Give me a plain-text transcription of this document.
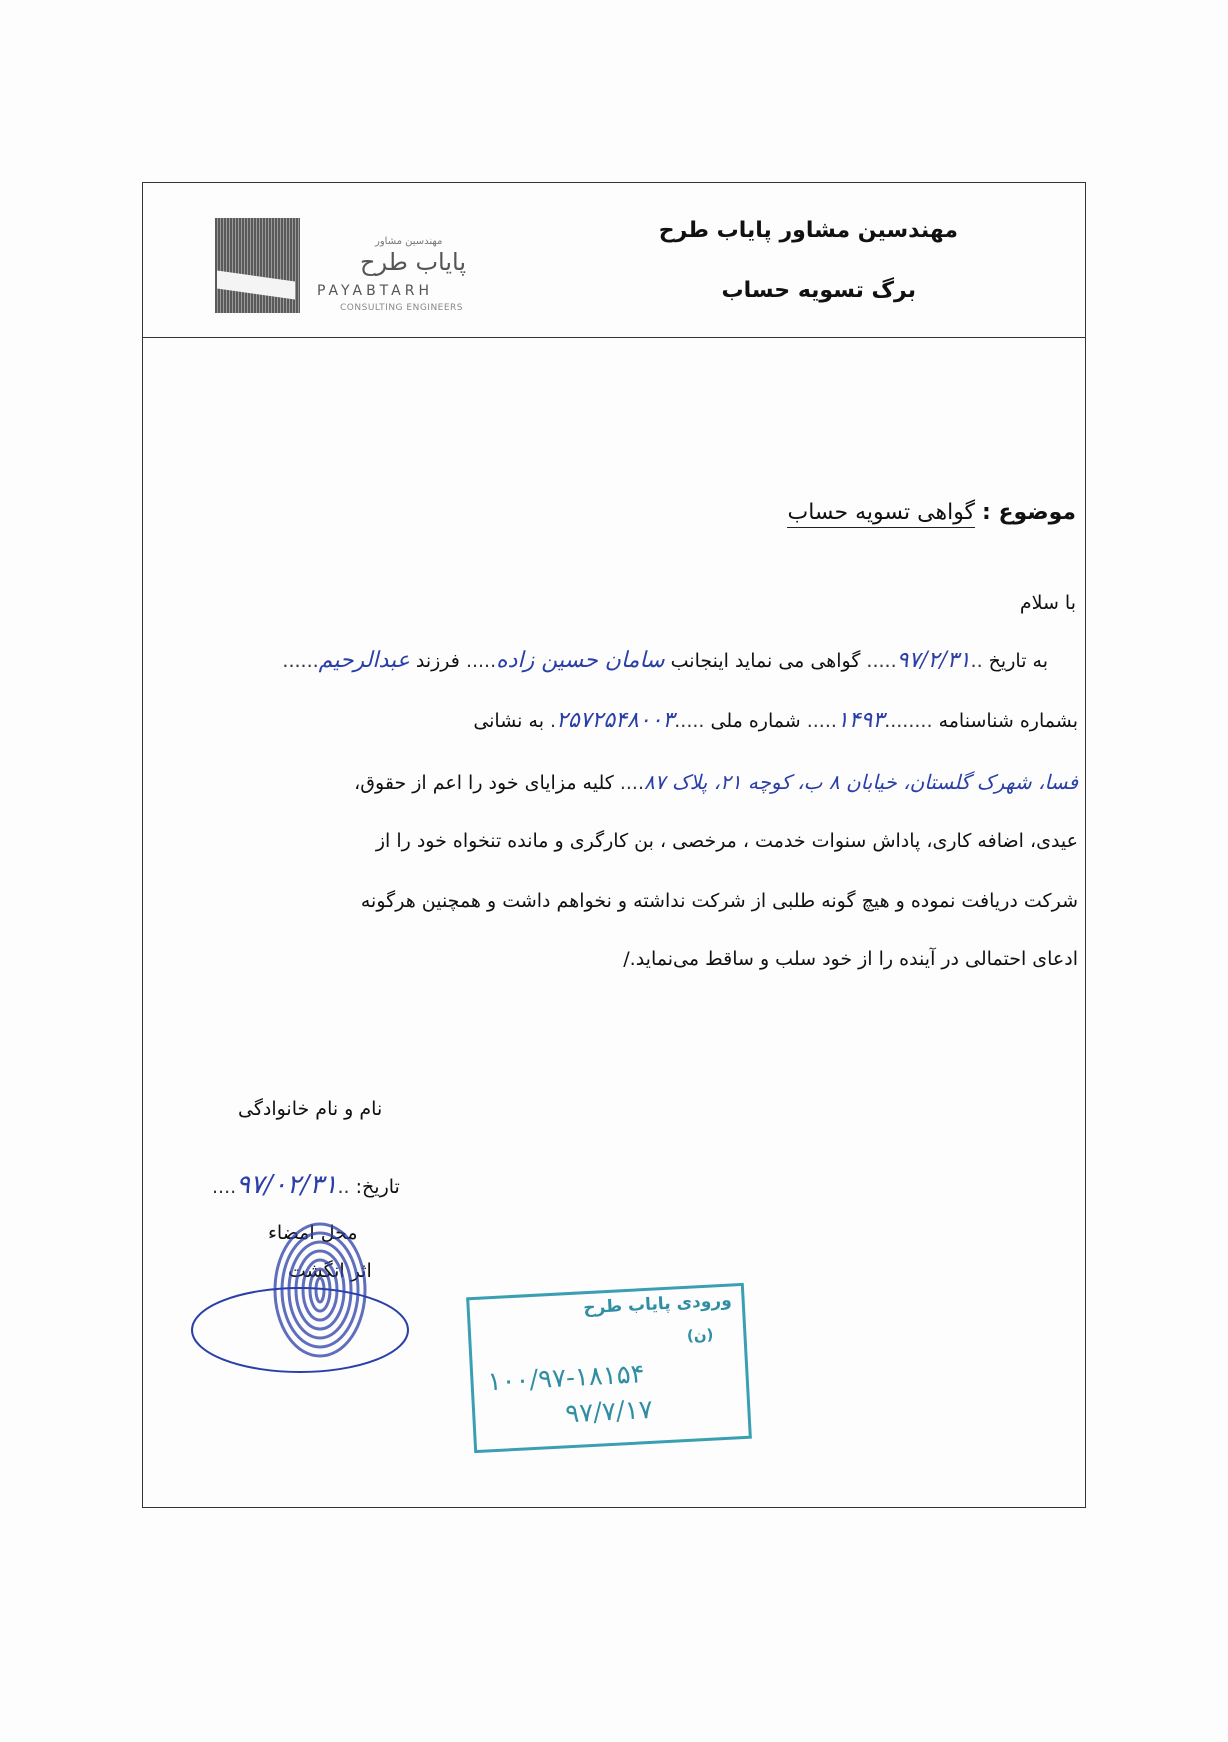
مهندسین مشاور
پایاب طرح
PAYABTARH
CONSULTING ENGINEERS
مهندسین مشاور پایاب طرح
برگ تسویه حساب
موضوع : گواهی تسویه حساب
با سلام
به تاریخ ..۹۷/۲/۳۱..... گواهی می نماید اینجانب سامان حسین زاده..... فرزند عبدالرحیم......
بشماره شناسنامه ........۱۴۹۳..... شماره ملی .....۲۵۷۲۵۴۸۰۰۳. به نشانی
فسا، شهرک گلستان، خیابان ۸ ب، کوچه ۲۱، پلاک ۸۷.... کلیه مزایای خود را اعم از حقوق،
عیدی، اضافه کاری، پاداش سنوات خدمت ، مرخصی ، بن کارگری و مانده تنخواه خود را از
شرکت دریافت نموده و هیچ گونه طلبی از شرکت نداشته و نخواهم داشت و همچنین هرگونه
ادعای احتمالی در آینده را از خود سلب و ساقط می‌نماید./
نام و نام خانوادگی
تاریخ: ..۹۷/۰۲/۳۱....
محل امضاء
اثر انگشت
ورودی پایاب طرح
(ن)
۱۰۰/۹۷-۱۸۱۵۴
۹۷/۷/۱۷
